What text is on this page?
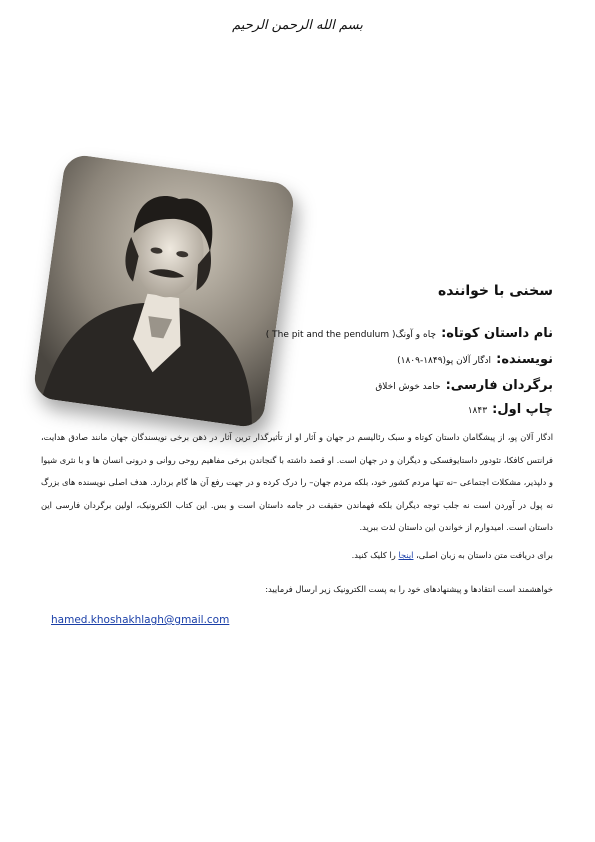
بسم الله الرحمن الرحیم
سخنی با خواننده
نام داستان کوتاه: چاه و آونگ( The pit and the pendulum )
نویسنده: ادگار آلان پو(۱۸۴۹-۱۸۰۹)
برگردان فارسی: حامد خوش اخلاق
چاپ اول: ۱۸۴۳
ادگار آلان پو، از پیشگامان داستان کوتاه و سبک رئالیسم در جهان و آثار او از تأثیرگذار ترین آثار در ذهن برخی نویسندگان جهان مانند صادق هدایت، فرانتس کافکا، تئودور داستایوفسکی و دیگران و در جهان است. او قصد داشته با گنجاندن برخی مفاهیم روحی روانی و درونی انسان ها و با نثری شیوا و دلپذیر، مشکلات اجتماعی –نه تنها مردم کشور خود، بلکه مردم جهان– را درک کرده و در جهت رفع آن ها گام بردارد. هدف اصلی نویسنده های بزرگ نه پول در آوردن است نه جلب توجه دیگران بلکه فهماندن حقیقت در جامه داستان است و بس. این کتاب الکترونیک، اولین برگردان فارسی این داستان است. امیدوارم از خواندن این داستان لذت ببرید.
برای دریافت متن داستان به زبان اصلی، اینجا را کلیک کنید.
خواهشمند است انتقادها و پیشنهادهای خود را به پست الکترونیک زیر ارسال فرمایید:
hamed.khoshakhlagh@gmail.com
